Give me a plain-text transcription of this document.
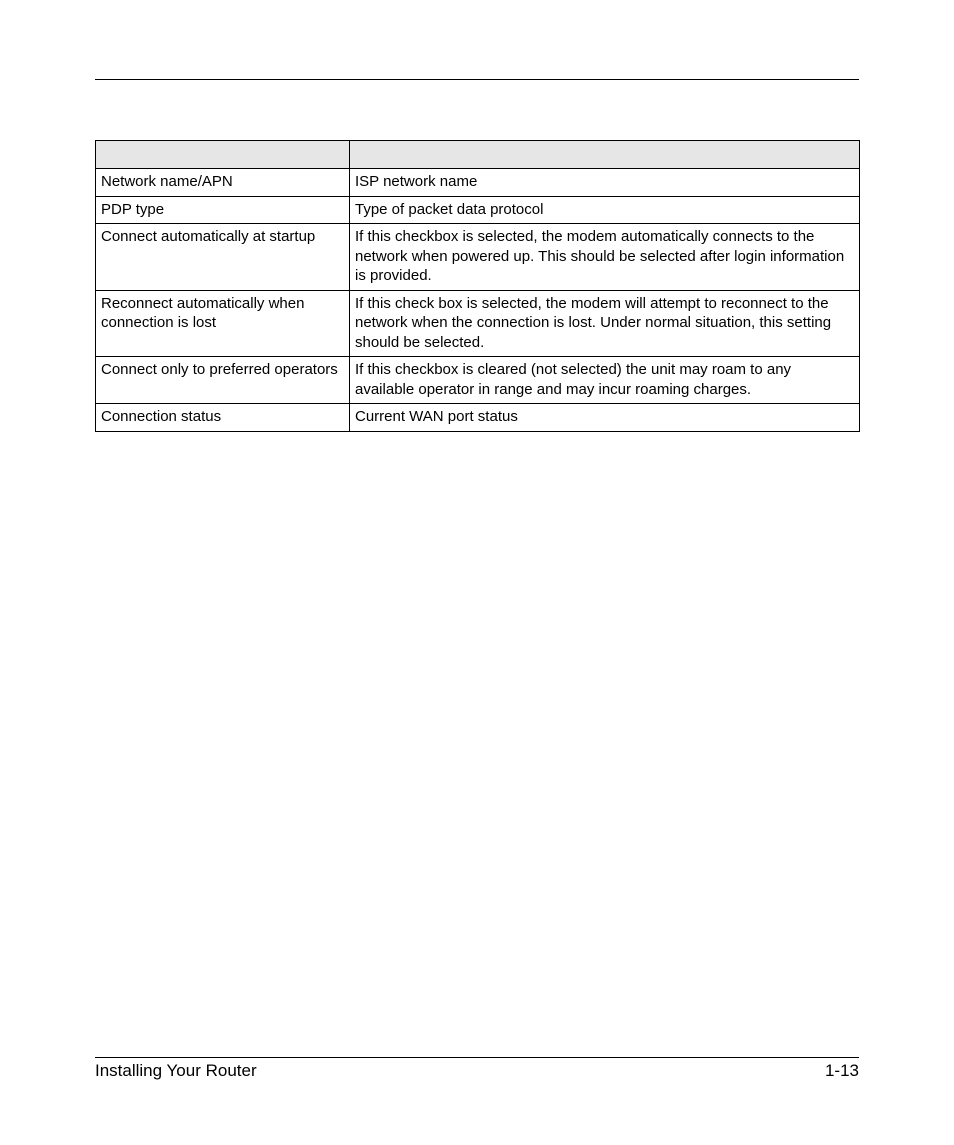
Network name/APN	ISP network name
PDP type	Type of packet data protocol
Connect automatically at startup	If this checkbox is selected, the modem automatically connects to the network when powered up. This should be selected after login information is provided.
Reconnect automatically when connection is lost	If this check box is selected, the modem will attempt to reconnect to the network when the connection is lost. Under normal situation, this setting should be selected.
Connect only to preferred operators	If this checkbox is cleared (not selected) the unit may roam to any available operator in range and may incur roaming charges.
Connection status	Current WAN port status
Installing Your Router	1-13
